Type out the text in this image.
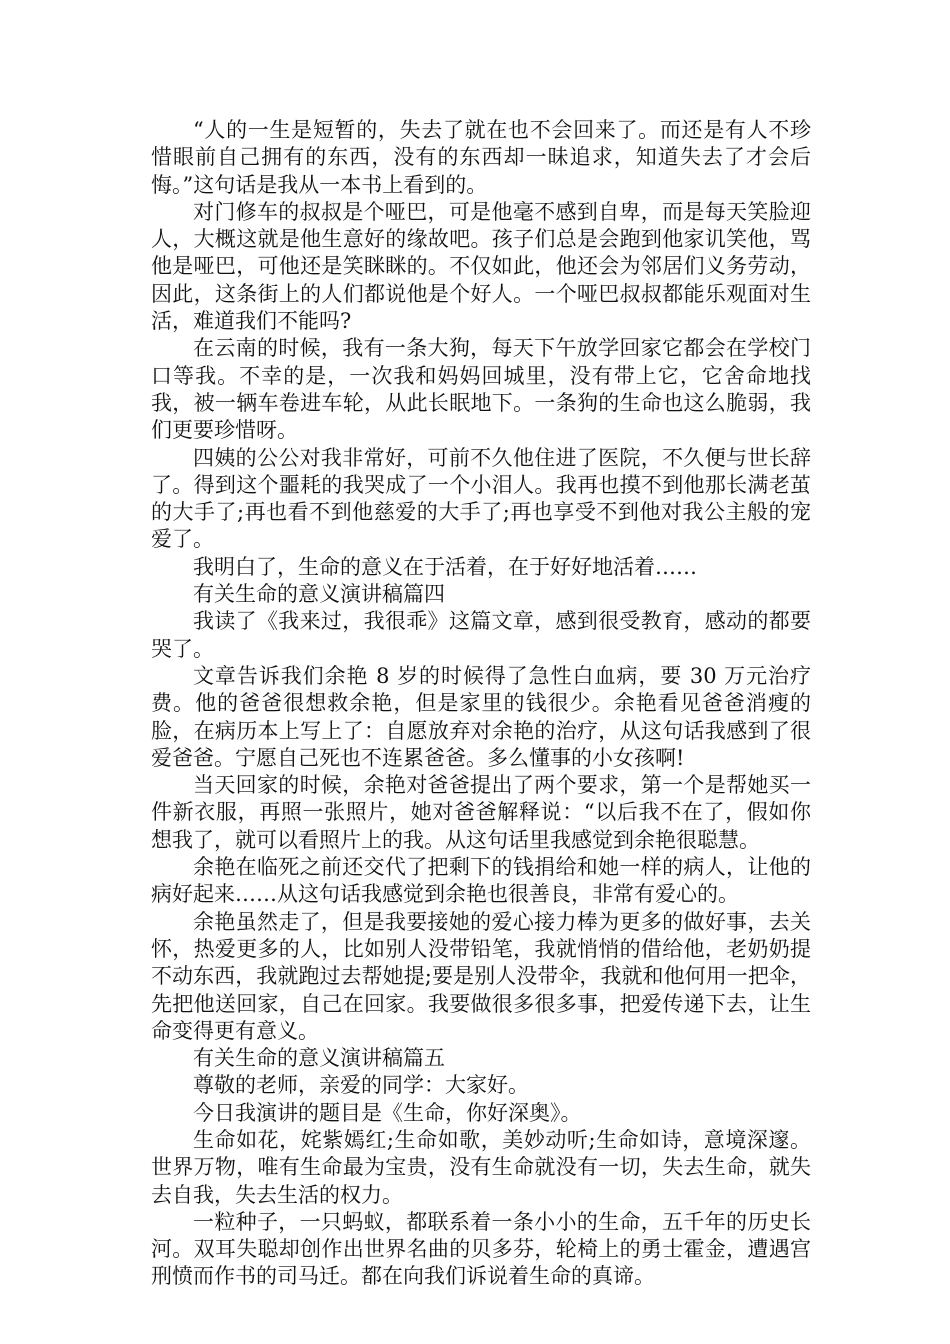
“人的一生是短暂的，失去了就在也不会回来了。而还是有人不珍惜眼前自己拥有的东西，没有的东西却一昧追求，知道失去了才会后悔。”这句话是我从一本书上看到的。

对门修车的叔叔是个哑巴，可是他毫不感到自卑，而是每天笑脸迎人，大概这就是他生意好的缘故吧。孩子们总是会跑到他家讥笑他，骂他是哑巴，可他还是笑眯眯的。不仅如此，他还会为邻居们义务劳动，因此，这条街上的人们都说他是个好人。一个哑巴叔叔都能乐观面对生活，难道我们不能吗?

在云南的时候，我有一条大狗，每天下午放学回家它都会在学校门口等我。不幸的是，一次我和妈妈回城里，没有带上它，它舍命地找我，被一辆车卷进车轮，从此长眠地下。一条狗的生命也这么脆弱，我们更要珍惜呀。

四姨的公公对我非常好，可前不久他住进了医院，不久便与世长辞了。得到这个噩耗的我哭成了一个小泪人。我再也摸不到他那长满老茧的大手了;再也看不到他慈爱的大手了;再也享受不到他对我公主般的宠爱了。

我明白了，生命的意义在于活着，在于好好地活着……

有关生命的意义演讲稿篇四

我读了《我来过，我很乖》这篇文章，感到很受教育，感动的都要哭了。

文章告诉我们余艳 8 岁的时候得了急性白血病，要 30 万元治疗费。他的爸爸很想救余艳，但是家里的钱很少。余艳看见爸爸消瘦的脸，在病历本上写上了：自愿放弃对余艳的治疗，从这句话我感到了很爱爸爸。宁愿自己死也不连累爸爸。多么懂事的小女孩啊!

当天回家的时候，余艳对爸爸提出了两个要求，第一个是帮她买一件新衣服，再照一张照片，她对爸爸解释说：“以后我不在了，假如你想我了，就可以看照片上的我。从这句话里我感觉到余艳很聪慧。

余艳在临死之前还交代了把剩下的钱捐给和她一样的病人，让他的病好起来……从这句话我感觉到余艳也很善良，非常有爱心的。

余艳虽然走了，但是我要接她的爱心接力棒为更多的做好事，去关怀，热爱更多的人，比如别人没带铅笔，我就悄悄的借给他，老奶奶提不动东西，我就跑过去帮她提;要是别人没带伞，我就和他何用一把伞，先把他送回家，自己在回家。我要做很多很多事，把爱传递下去，让生命变得更有意义。

有关生命的意义演讲稿篇五

尊敬的老师，亲爱的同学：大家好。

今日我演讲的题目是《生命，你好深奥》。

生命如花，姹紫嫣红;生命如歌，美妙动听;生命如诗，意境深邃。世界万物，唯有生命最为宝贵，没有生命就没有一切，失去生命，就失去自我，失去生活的权力。

一粒种子，一只蚂蚁，都联系着一条小小的生命，五千年的历史长河。双耳失聪却创作出世界名曲的贝多芬，轮椅上的勇士霍金，遭遇宫刑愤而作书的司马迁。都在向我们诉说着生命的真谛。
